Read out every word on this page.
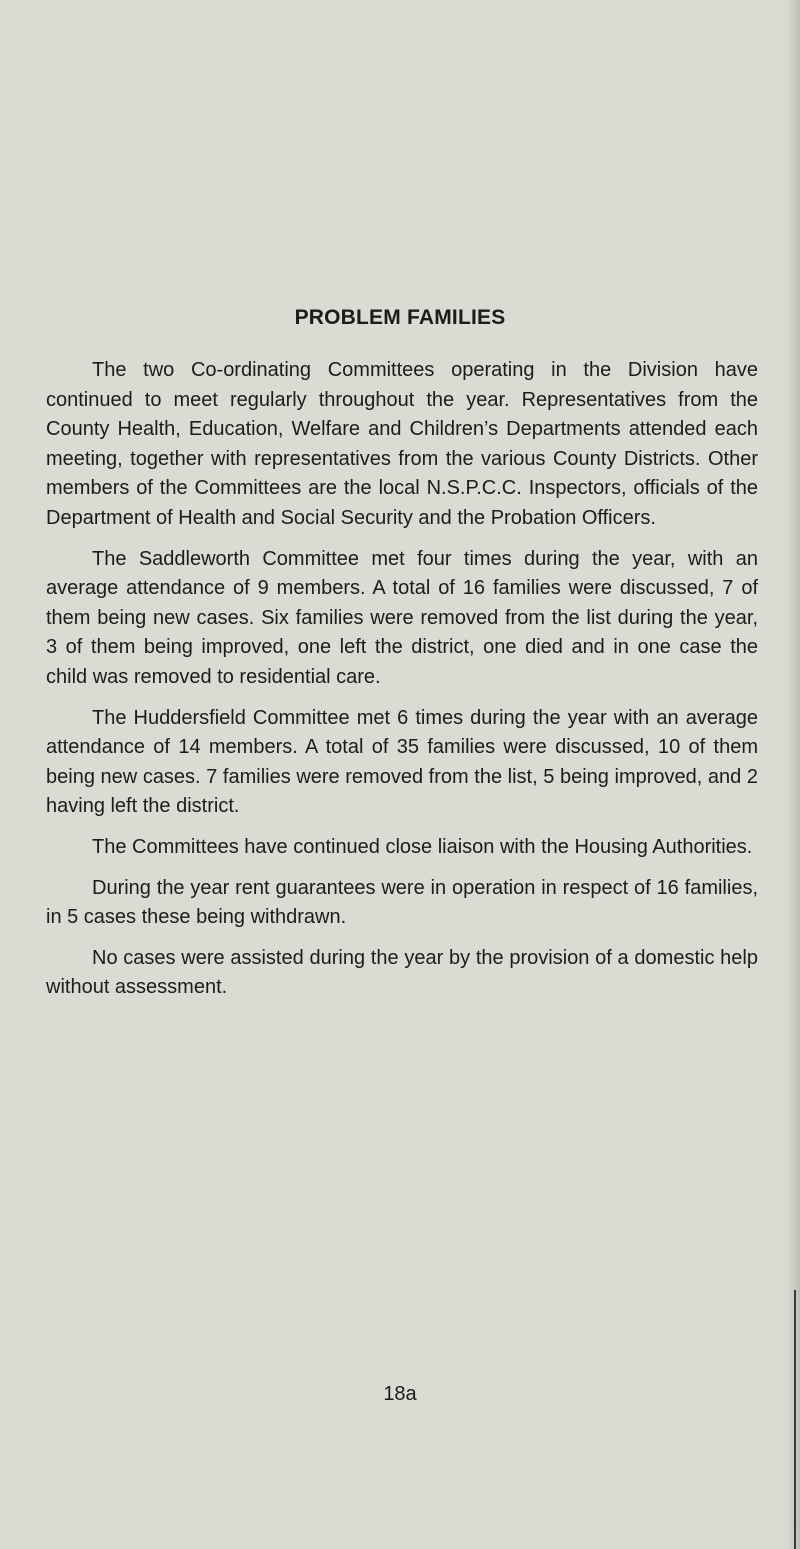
PROBLEM FAMILIES

The two Co-ordinating Committees operating in the Division have continued to meet regularly throughout the year. Representatives from the County Health, Education, Welfare and Children’s Departments attended each meeting, together with representatives from the various County Districts. Other members of the Committees are the local N.S.P.C.C. Inspectors, officials of the Department of Health and Social Security and the Probation Officers.

The Saddleworth Committee met four times during the year, with an average attendance of 9 members. A total of 16 families were discussed, 7 of them being new cases. Six families were removed from the list during the year, 3 of them being improved, one left the district, one died and in one case the child was removed to residential care.

The Huddersfield Committee met 6 times during the year with an average attendance of 14 members. A total of 35 families were discussed, 10 of them being new cases. 7 families were removed from the list, 5 being improved, and 2 having left the district.

The Committees have continued close liaison with the Housing Authorities.

During the year rent guarantees were in operation in respect of 16 families, in 5 cases these being withdrawn.

No cases were assisted during the year by the provision of a domestic help without assessment.

18a
